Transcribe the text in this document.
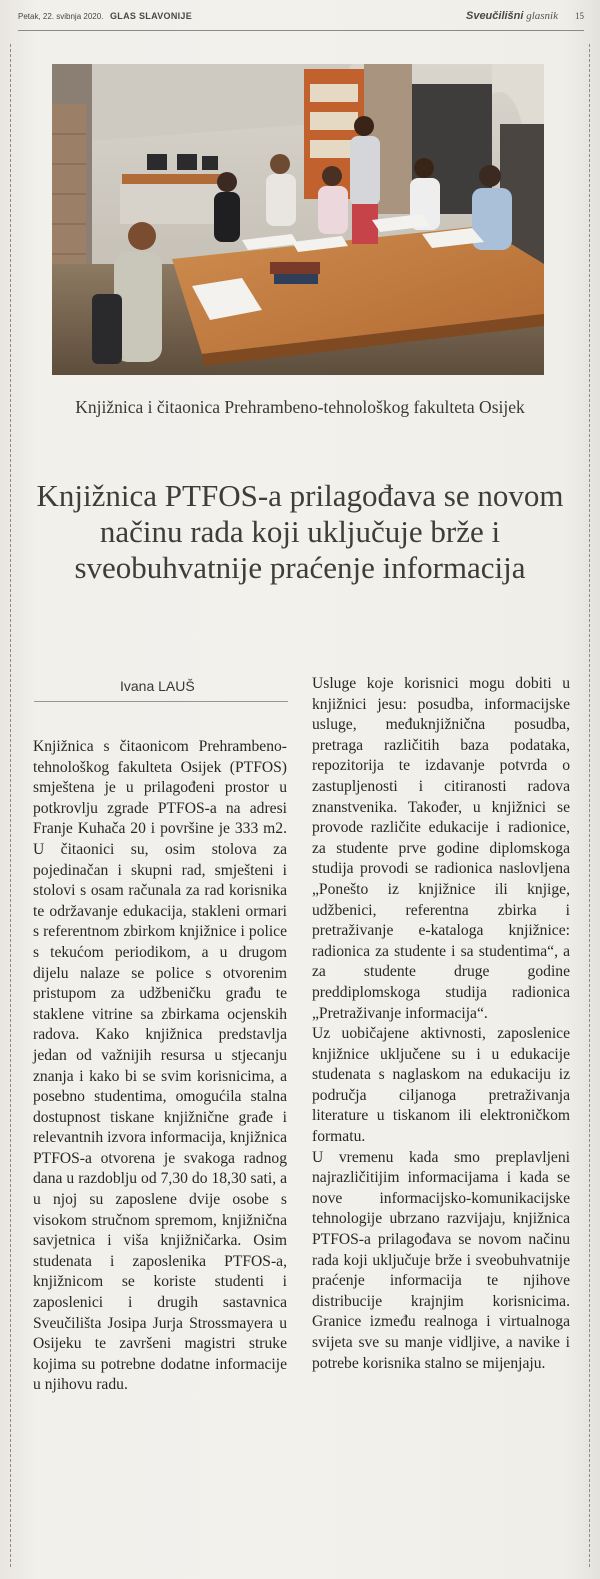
Petak, 22. svibnja 2020. GLAS SLAVONIJE	Sveučilišni glasnik 15
Knjižnica i čitaonica Prehrambeno-tehnološkog fakulteta Osijek
Knjižnica PTFOS-a prilagođava se novom načinu rada koji uključuje brže i sveobuhvatnije praćenje informacija
Ivana LAUŠ

Knjižnica s čitaonicom Prehrambeno-tehnološkog fakulteta Osijek (PTFOS) smještena je u prilagođeni prostor u potkrovlju zgrade PTFOS-a na adresi Franje Kuhača 20 i površine je 333 m2. U čitaonici su, osim stolova za pojedinačan i skupni rad, smješteni i stolovi s osam računala za rad korisnika te održavanje edukacija, stakleni ormari s referentnom zbirkom knjižnice i police s tekućom periodikom, a u drugom dijelu nalaze se police s otvorenim pristupom za udžbeničku građu te staklene vitrine sa zbirkama ocjenskih radova. Kako knjižnica predstavlja jedan od važnijih resursa u stjecanju znanja i kako bi se svim korisnicima, a posebno studentima, omogućila stalna dostupnost tiskane knjižnične građe i relevantnih izvora informacija, knjižnica PTFOS-a otvorena je svakoga radnog dana u razdoblju od 7,30 do 18,30 sati, a u njoj su zaposlene dvije osobe s visokom stručnom spremom, knjižnična savjetnica i viša knjižničarka. Osim studenata i zaposlenika PTFOS-a, knjižnicom se koriste studenti i zaposlenici i drugih sastavnica Sveučilišta Josipa Jurja Strossmayera u Osijeku te završeni magistri struke kojima su potrebne dodatne informacije u njihovu radu.

Usluge koje korisnici mogu dobiti u knjižnici jesu: posudba, informacijske usluge, međuknjižnična posudba, pretraga različitih baza podataka, repozitorija te izdavanje potvrda o zastupljenosti i citiranosti radova znanstvenika. Također, u knjižnici se provode različite edukacije i radionice, za studente prve godine diplomskoga studija provodi se radionica naslovljena „Ponešto iz knjižnice ili knjige, udžbenici, referentna zbirka i pretraživanje e-kataloga knjižnice: radionica za studente i sa studentima“, a za studente druge godine preddiplomskoga studija radionica „Pretraživanje informacija“.

Uz uobičajene aktivnosti, zaposlenice knjižnice uključene su i u edukacije studenata s naglaskom na edukaciju iz područja ciljanoga pretraživanja literature u tiskanom ili elektroničkom formatu.

U vremenu kada smo preplavljeni najrazličitijim informacijama i kada se nove informacijsko-komunikacijske tehnologije ubrzano razvijaju, knjižnica PTFOS-a prilagođava se novom načinu rada koji uključuje brže i sveobuhvatnije praćenje informacija te njihove distribucije krajnjim korisnicima. Granice između realnoga i virtualnoga svijeta sve su manje vidljive, a navike i potrebe korisnika stalno se mijenjaju.
